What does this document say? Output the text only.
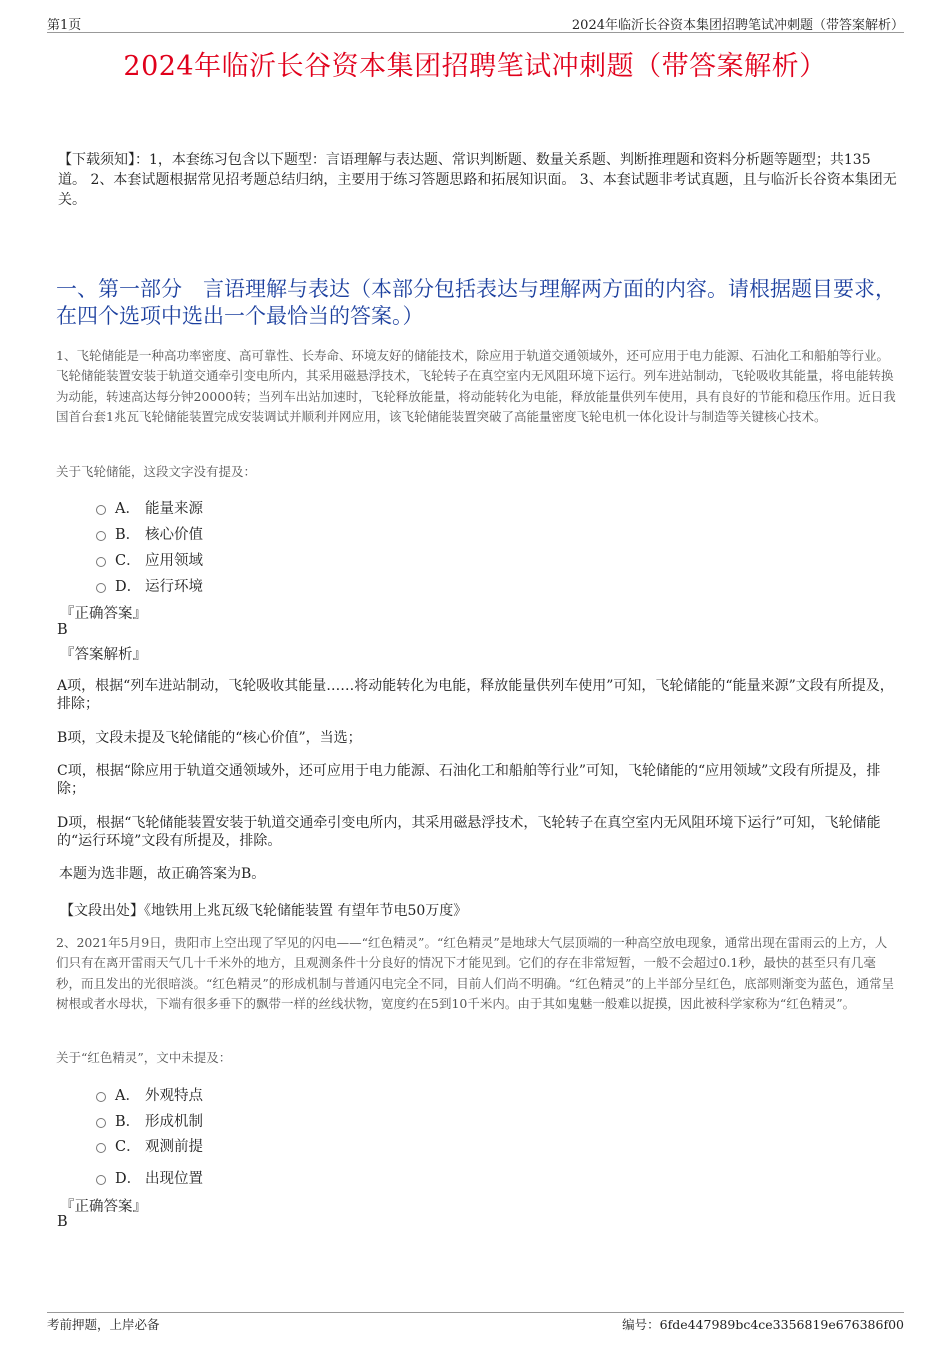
第1页	2024年临沂长谷资本集团招聘笔试冲刺题（带答案解析）
2024年临沂长谷资本集团招聘笔试冲刺题（带答案解析）
【下载须知】：1，本套练习包含以下题型：言语理解与表达题、常识判断题、数量关系题、判断推理题和资料分析题等题型；共135道。 2、本套试题根据常见招考题总结归纳，主要用于练习答题思路和拓展知识面。 3、本套试题非考试真题，且与临沂长谷资本集团无关。
一、第一部分　言语理解与表达（本部分包括表达与理解两方面的内容。请根据题目要求，在四个选项中选出一个最恰当的答案。）
1、飞轮储能是一种高功率密度、高可靠性、长寿命、环境友好的储能技术，除应用于轨道交通领域外，还可应用于电力能源、石油化工和船舶等行业。飞轮储能装置安装于轨道交通牵引变电所内，其采用磁悬浮技术，飞轮转子在真空室内无风阻环境下运行。列车进站制动，飞轮吸收其能量，将电能转换为动能，转速高达每分钟20000转；当列车出站加速时，飞轮释放能量，将动能转化为电能，释放能量供列车使用，具有良好的节能和稳压作用。近日我国首台套1兆瓦飞轮储能装置完成安装调试并顺利并网应用，该飞轮储能装置突破了高能量密度飞轮电机一体化设计与制造等关键核心技术。
关于飞轮储能，这段文字没有提及：
A． 能量来源
B． 核心价值
C． 应用领域
D． 运行环境
『正确答案』
B
『答案解析』
A项，根据“列车进站制动，飞轮吸收其能量……将动能转化为电能，释放能量供列车使用”可知，飞轮储能的“能量来源”文段有所提及，排除；
B项，文段未提及飞轮储能的“核心价值”，当选；
C项，根据“除应用于轨道交通领域外，还可应用于电力能源、石油化工和船舶等行业”可知，飞轮储能的“应用领域”文段有所提及，排除；
D项，根据“飞轮储能装置安装于轨道交通牵引变电所内，其采用磁悬浮技术，飞轮转子在真空室内无风阻环境下运行”可知，飞轮储能的“运行环境”文段有所提及，排除。
本题为选非题，故正确答案为B。
【文段出处】《地铁用上兆瓦级飞轮储能装置 有望年节电50万度》
2、2021年5月9日，贵阳市上空出现了罕见的闪电——“红色精灵”。“红色精灵”是地球大气层顶端的一种高空放电现象，通常出现在雷雨云的上方，人们只有在离开雷雨天气几十千米外的地方，且观测条件十分良好的情况下才能见到。它们的存在非常短暂，一般不会超过0.1秒，最快的甚至只有几毫秒，而且发出的光很暗淡。“红色精灵”的形成机制与普通闪电完全不同，目前人们尚不明确。“红色精灵”的上半部分呈红色，底部则渐变为蓝色，通常呈树根或者水母状，下端有很多垂下的飘带一样的丝线状物，宽度约在5到10千米内。由于其如鬼魅一般难以捉摸，因此被科学家称为“红色精灵”。
关于“红色精灵”，文中未提及：
A． 外观特点
B． 形成机制
C． 观测前提
D． 出现位置
『正确答案』
B
考前押题，上岸必备	编号：6fde447989bc4ce3356819e676386f00
